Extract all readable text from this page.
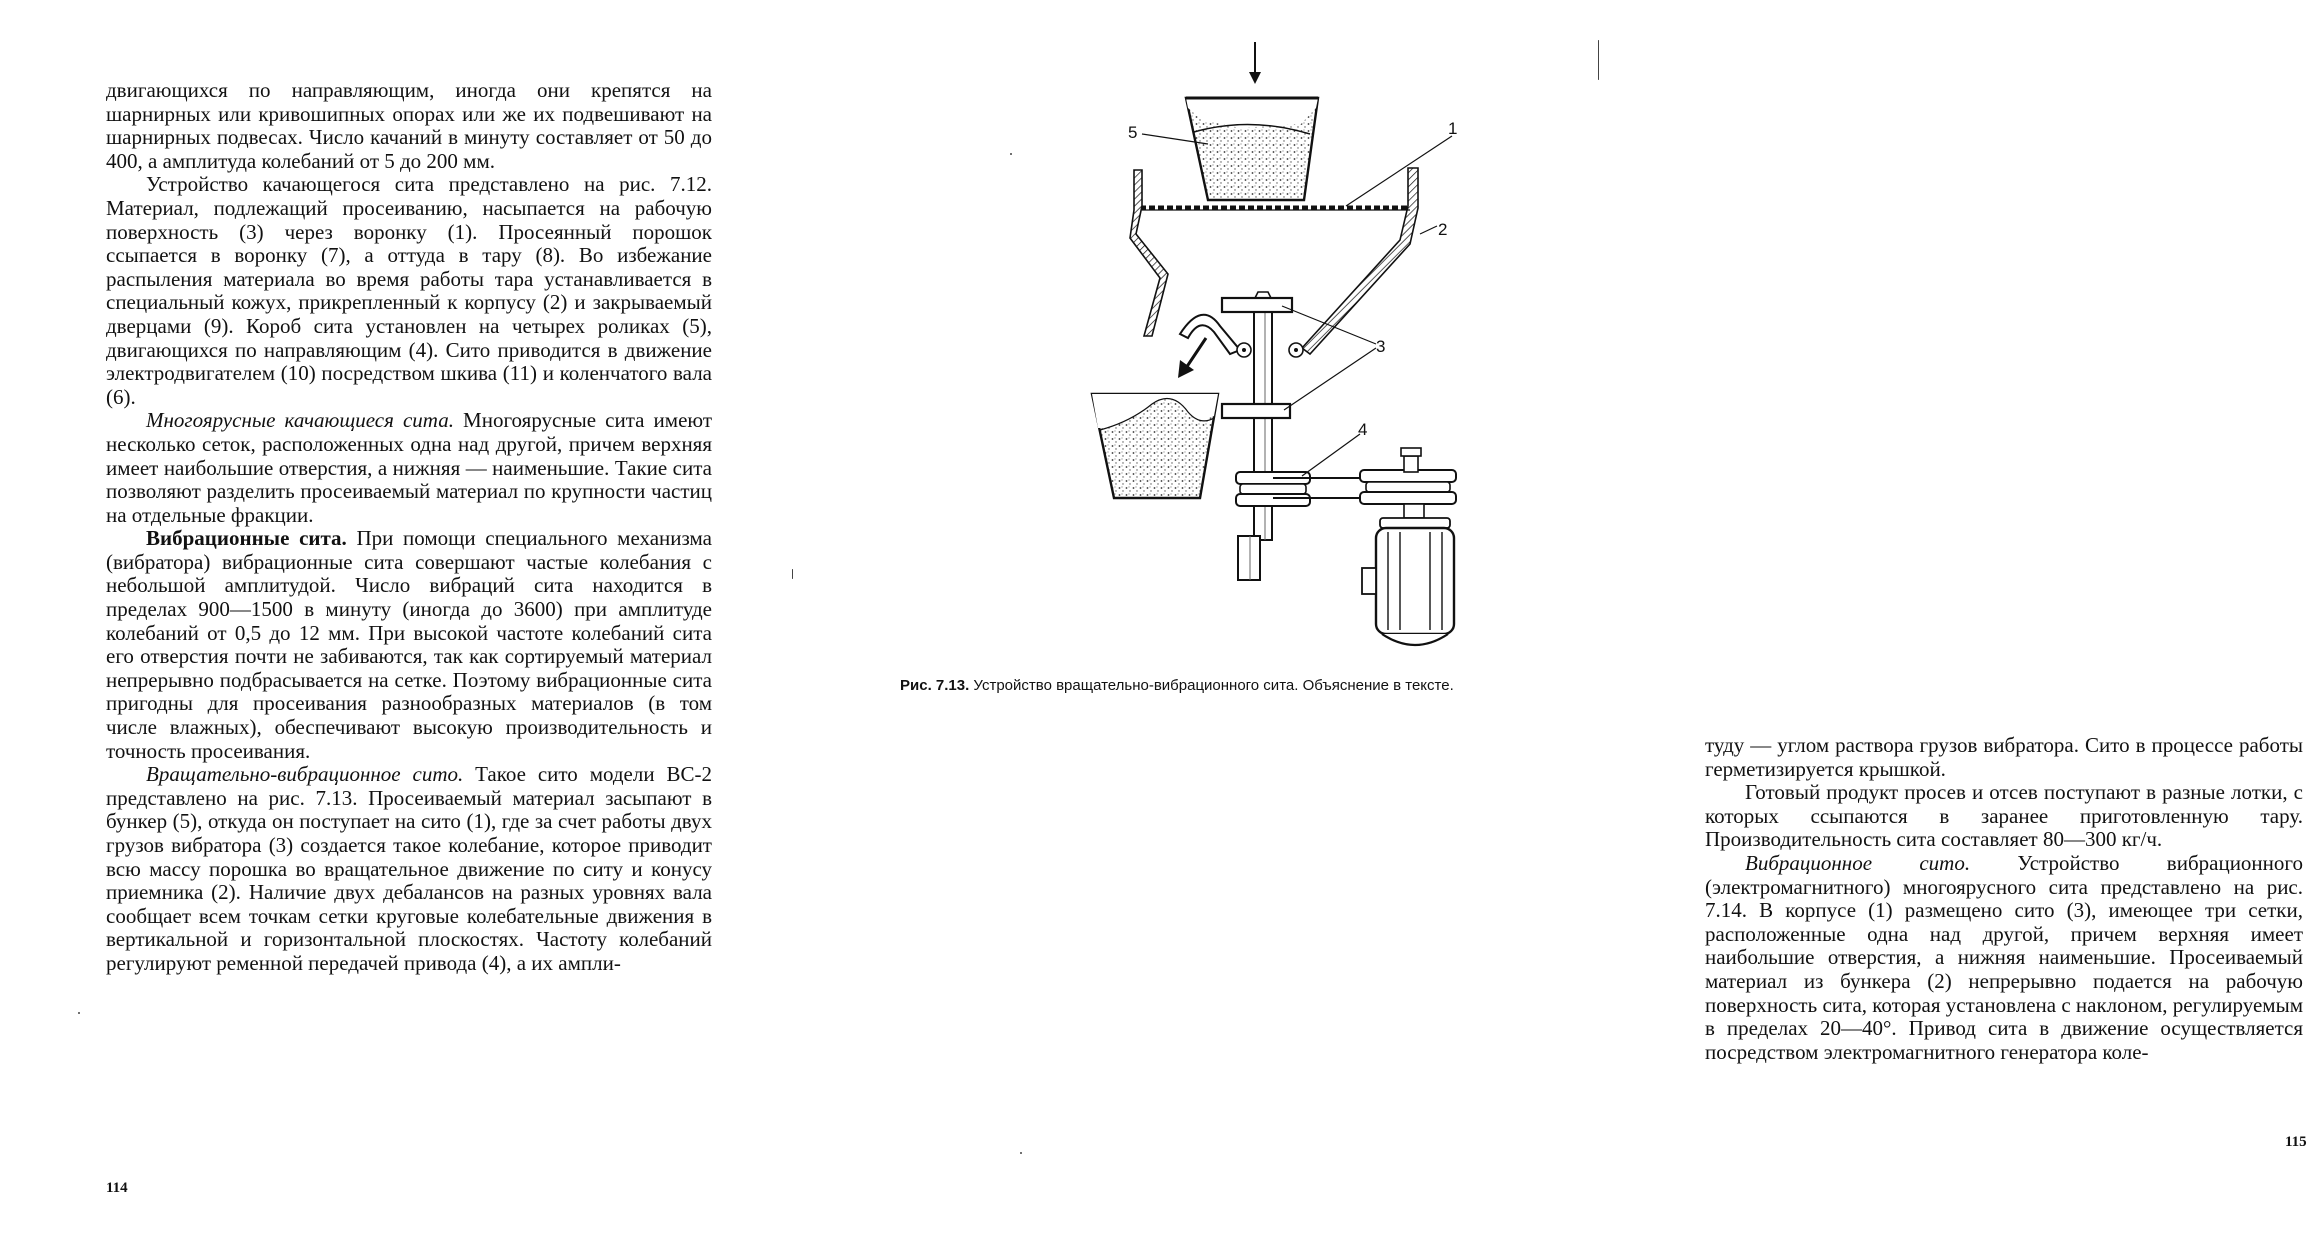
двигающихся по направляющим, иногда они крепятся на шарнирных или кривошипных опорах или же их подвешивают на шарнирных подвесах. Число качаний в минуту составляет от 50 до 400, а амплитуда колебаний от 5 до 200 мм.

Устройство качающегося сита представлено на рис. 7.12. Материал, подлежащий просеиванию, насыпается на рабочую поверхность (3) через воронку (1). Просеянный порошок ссыпается в воронку (7), а оттуда в тару (8). Во избежание распыления материала во время работы тара устанавливается в специальный кожух, прикрепленный к корпусу (2) и закрываемый дверцами (9). Короб сита установлен на четырех роликах (5), двигающихся по направляющим (4). Сито приводится в движение электродвигателем (10) посредством шкива (11) и коленчатого вала (6).

Многоярусные качающиеся сита. Многоярусные сита имеют несколько сеток, расположенных одна над другой, причем верхняя имеет наибольшие отверстия, а нижняя — наименьшие. Такие сита позволяют разделить просеиваемый материал по крупности частиц на отдельные фракции.

Вибрационные сита. При помощи специального механизма (вибратора) вибрационные сита совершают частые колебания с небольшой амплитудой. Число вибраций сита находится в пределах 900—1500 в минуту (иногда до 3600) при амплитуде колебаний от 0,5 до 12 мм. При высокой частоте колебаний сита его отверстия почти не забиваются, так как сортируемый материал непрерывно подбрасывается на сетке. Поэтому вибрационные сита пригодны для просеивания разнообразных материалов (в том числе влажных), обеспечивают высокую производительность и точность просеивания.

Вращательно-вибрационное сито. Такое сито модели ВС-2 представлено на рис. 7.13. Просеиваемый материал засыпают в бункер (5), откуда он поступает на сито (1), где за счет работы двух грузов вибратора (3) создается такое колебание, которое приводит всю массу порошка во вращательное движение по ситу и конусу приемника (2). Наличие двух дебалансов на разных уровнях вала сообщает всем точкам сетки круговые колебательные движения в вертикальной и горизонтальной плоскостях. Частоту колебаний регулируют ременной передачей привода (4), а их ампли-

114

туду — углом раствора грузов вибратора. Сито в процессе работы герметизируется крышкой.

Готовый продукт просев и отсев поступают в разные лотки, с которых ссыпаются в заранее приготовленную тару. Производительность сита составляет 80—300 кг/ч.

Вибрационное сито. Устройство вибрационного (электромагнитного) многоярусного сита представлено на рис. 7.14. В корпусе (1) размещено сито (3), имеющее три сетки, расположенные одна над другой, причем верхняя имеет наибольшие отверстия, а нижняя наименьшие. Просеиваемый материал из бункера (2) непрерывно подается на рабочую поверхность сита, которая установлена с наклоном, регулируемым в пределах 20—40°. Привод сита в движение осуществляется посредством электромагнитного генератора коле-

115
Рис. 7.13. Устройство вращательно-вибрационного сита. Объяснение в тексте.
5	1
2
3
4
